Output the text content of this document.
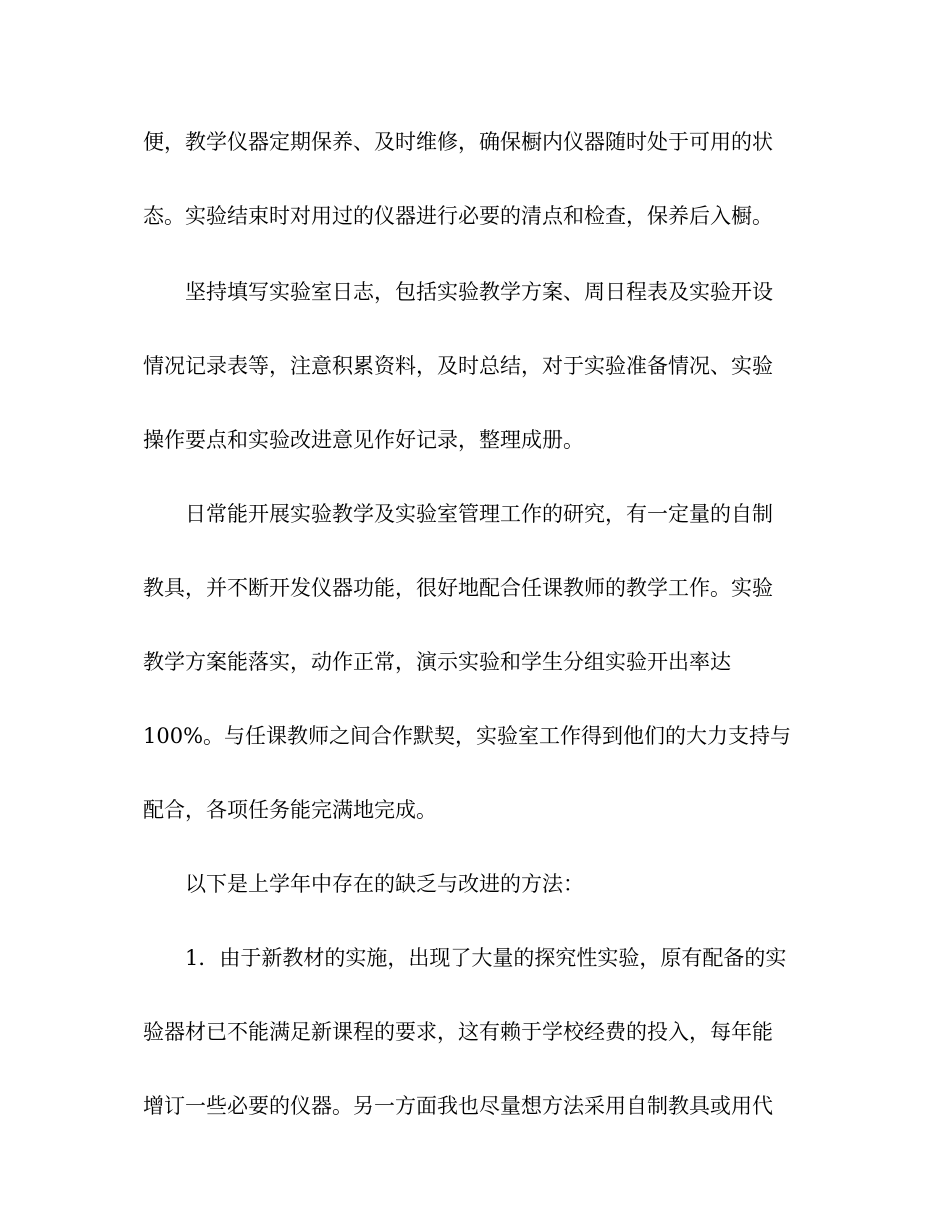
便，教学仪器定期保养、及时维修，确保橱内仪器随时处于可用的状
态。实验结束时对用过的仪器进行必要的清点和检查，保养后入橱。
坚持填写实验室日志，包括实验教学方案、周日程表及实验开设
情况记录表等，注意积累资料，及时总结，对于实验准备情况、实验
操作要点和实验改进意见作好记录，整理成册。
日常能开展实验教学及实验室管理工作的研究，有一定量的自制
教具，并不断开发仪器功能，很好地配合任课教师的教学工作。实验
教学方案能落实，动作正常，演示实验和学生分组实验开出率达
100%。与任课教师之间合作默契，实验室工作得到他们的大力支持与
配合，各项任务能完满地完成。
以下是上学年中存在的缺乏与改进的方法：
1．由于新教材的实施，出现了大量的探究性实验，原有配备的实
验器材已不能满足新课程的要求，这有赖于学校经费的投入，每年能
增订一些必要的仪器。另一方面我也尽量想方法采用自制教具或用代
